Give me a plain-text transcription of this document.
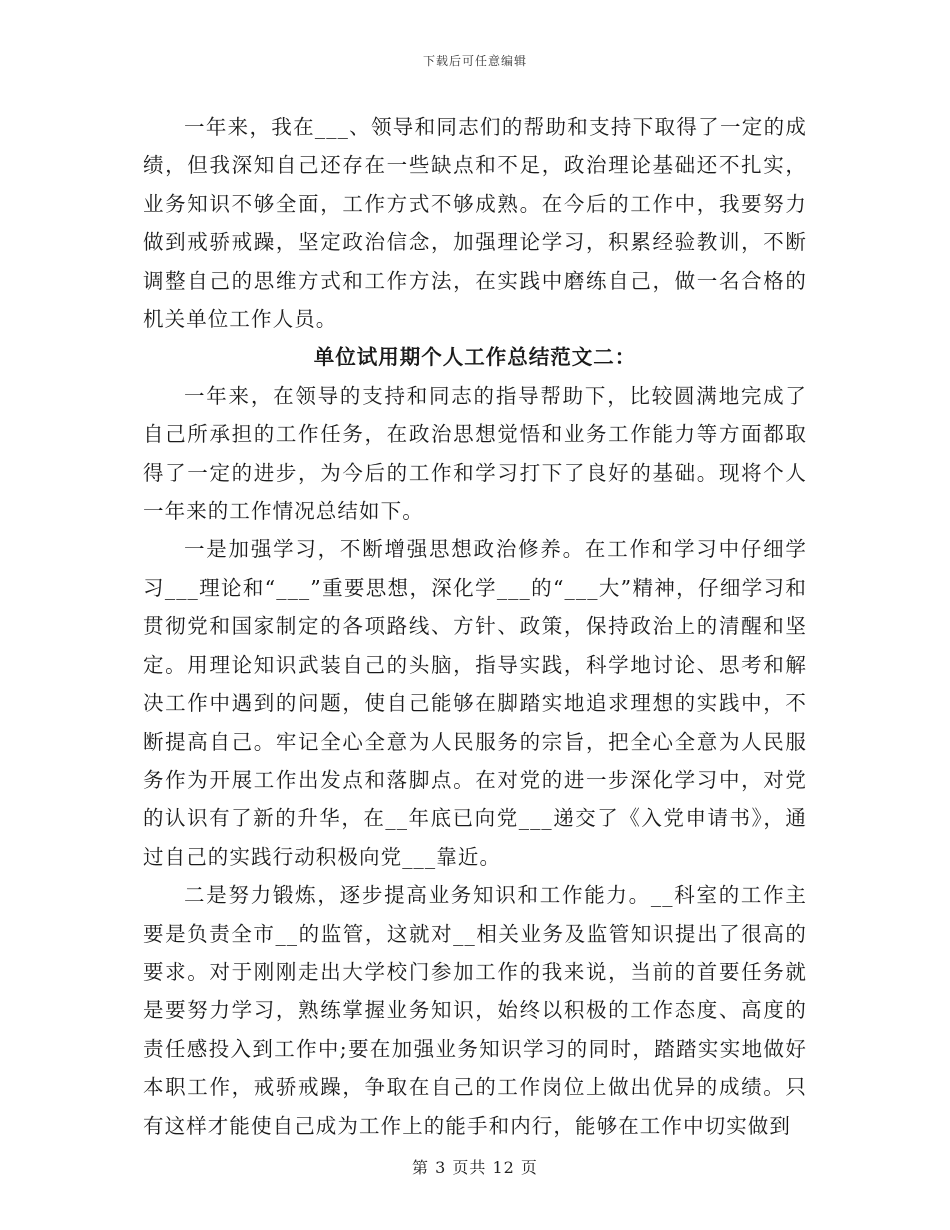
下载后可任意编辑

一年来，我在___、领导和同志们的帮助和支持下取得了一定的成绩，但我深知自己还存在一些缺点和不足，政治理论基础还不扎实，业务知识不够全面，工作方式不够成熟。在今后的工作中，我要努力做到戒骄戒躁，坚定政治信念，加强理论学习，积累经验教训，不断调整自己的思维方式和工作方法，在实践中磨练自己，做一名合格的机关单位工作人员。

单位试用期个人工作总结范文二：

一年来，在领导的支持和同志的指导帮助下，比较圆满地完成了自己所承担的工作任务，在政治思想觉悟和业务工作能力等方面都取得了一定的进步，为今后的工作和学习打下了良好的基础。现将个人一年来的工作情况总结如下。

一是加强学习，不断增强思想政治修养。在工作和学习中仔细学习___理论和“___”重要思想，深化学___的“___大”精神，仔细学习和贯彻党和国家制定的各项路线、方针、政策，保持政治上的清醒和坚定。用理论知识武装自己的头脑，指导实践，科学地讨论、思考和解决工作中遇到的问题，使自己能够在脚踏实地追求理想的实践中，不断提高自己。牢记全心全意为人民服务的宗旨，把全心全意为人民服务作为开展工作出发点和落脚点。在对党的进一步深化学习中，对党的认识有了新的升华，在__年底已向党___递交了《入党申请书》，通过自己的实践行动积极向党___靠近。

二是努力锻炼，逐步提高业务知识和工作能力。__科室的工作主要是负责全市__的监管，这就对__相关业务及监管知识提出了很高的要求。对于刚刚走出大学校门参加工作的我来说，当前的首要任务就是要努力学习，熟练掌握业务知识，始终以积极的工作态度、高度的责任感投入到工作中;要在加强业务知识学习的同时，踏踏实实地做好本职工作，戒骄戒躁，争取在自己的工作岗位上做出优异的成绩。只有这样才能使自己成为工作上的能手和内行，能够在工作中切实做到

第 3 页共 12 页
